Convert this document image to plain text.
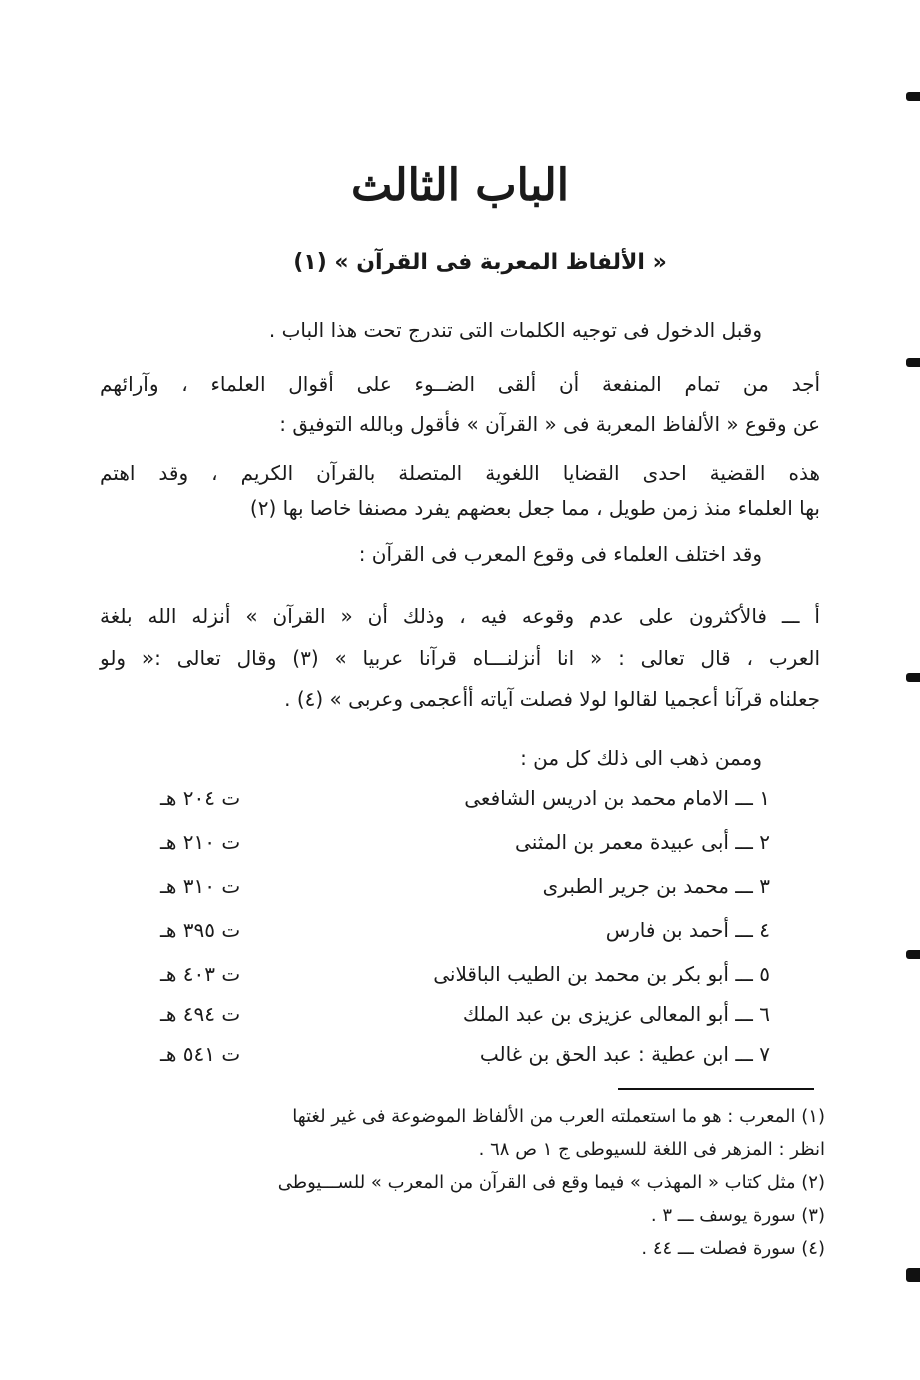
الباب الثالث
« الألفاظ المعربة فى القرآن » (١)
وقبل الدخول فى توجيه الكلمات التى تندرج تحت هذا الباب .
أجد من تمام المنفعة أن ألقى الضــوء على أقوال العلماء ، وآرائهم
عن وقوع « الألفاظ المعربة فى « القرآن » فأقول وبالله التوفيق :
هذه القضية احدى القضايا اللغوية المتصلة بالقرآن الكريم ، وقد اهتم
بها العلماء منذ زمن طويل ، مما جعل بعضهم يفرد مصنفا خاصا بها (٢)
وقد اختلف العلماء فى وقوع المعرب فى القرآن :
أ ـــ فالأكثرون على عدم وقوعه فيه ، وذلك أن « القرآن » أنزله الله بلغة
العرب ، قال تعالى : « انا أنزلنـــاه قرآنا عربيا » (٣) وقال تعالى :« ولو
جعلناه قرآنا أعجميا لقالوا لولا فصلت آياته أأعجمى وعربى » (٤) .
وممن ذهب الى ذلك كل من :
١ ـــ الامام محمد بن ادريس الشافعى
ت ٢٠٤ هـ
٢ ـــ أبى عبيدة معمر بن المثنى
ت ٢١٠ هـ
٣ ـــ محمد بن جرير الطبرى
ت ٣١٠ هـ
٤ ـــ أحمد بن فارس
ت ٣٩٥ هـ
٥ ـــ أبو بكر بن محمد بن الطيب الباقلانى
ت ٤٠٣ هـ
٦ ـــ أبو المعالى عزيزى بن عبد الملك
ت ٤٩٤ هـ
٧ ـــ ابن عطية : عبد الحق بن غالب
ت ٥٤١ هـ
(١) المعرب : هو ما استعملته العرب من الألفاظ الموضوعة فى غير لغتها
انظر : المزهر فى اللغة للسيوطى ج ١ ص ٦٨ .
(٢) مثل كتاب « المهذب » فيما وقع فى القرآن من المعرب » للســـيوطى
(٣) سورة يوسف ـــ ٣ .
(٤) سورة فصلت ـــ ٤٤ .
